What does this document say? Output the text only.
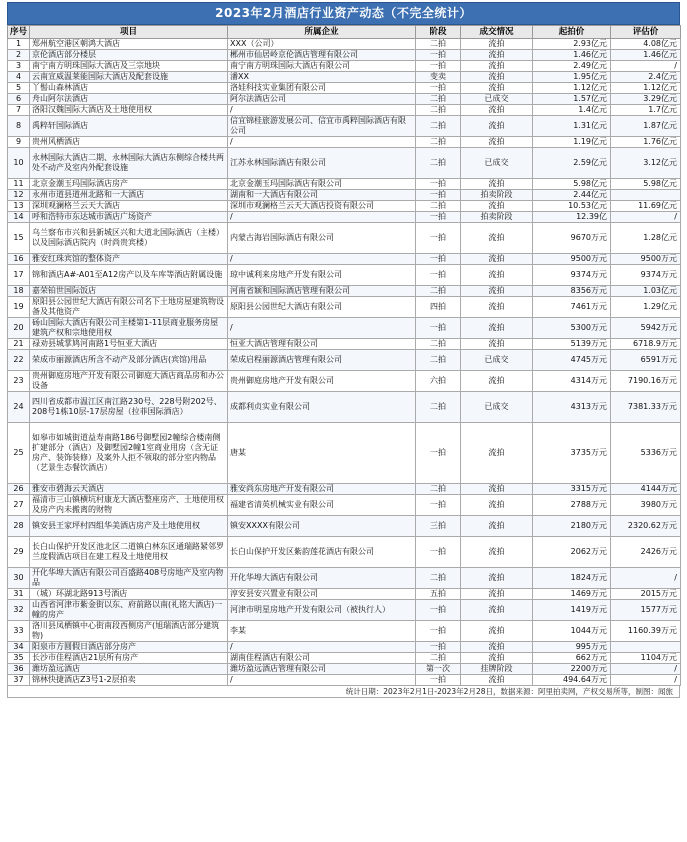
2023年2月酒店行业资产动态（不完全统计）
序号	项目	所属企业	阶段	成交情况	起拍价	评估价
1	郑州航空港区朝鸿大酒店	XXX（公司）	二拍	流拍	2.93亿元	4.08亿元
2	京伦酒店部分楼层	郴州市仙居岭京伦酒店管理有限公司	一拍	流拍	1.46亿元	1.46亿元
3	南宁南方明珠国际大酒店及三宗地块	南宁南方明珠国际大酒店有限公司	一拍	流拍	2.49亿元	/
4	云南宣威温莱能国际大酒店及配套设施	潘XX	变卖	流拍	1.95亿元	2.4亿元
5	丫髻山森林酒店	洛娃科技实业集团有限公司	一拍	流拍	1.12亿元	1.12亿元
6	舟山阿尔法酒店	阿尔法酒店公司	二拍	已成交	1.57亿元	3.29亿元
7	洛阳汉魏国际大酒店及土地使用权	/	二拍	流拍	1.4亿元	1.7亿元
8	禹粹轩国际酒店	信宜锦桂旅游发展公司、信宜市禹粹国际酒店有限公司	二拍	流拍	1.31亿元	1.87亿元
9	贵州风栖酒店	/	二拍	流拍	1.19亿元	1.76亿元
10	永林国际大酒店二期、永林国际大酒店东侧综合楼共两处不动产及室内外配套设施	江苏永林国际酒店有限公司	二拍	已成交	2.59亿元	3.12亿元
11	北京金潮玉玛国际酒店房产	北京金潮玉玛国际酒店有限公司	一拍	流拍	5.98亿元	5.98亿元
12	永州市道县道州北路和一大酒店	湖南和一大酒店有限公司	一拍	拍卖阶段	2.44亿元	
13	深圳观澜格兰云天大酒店	深圳市观澜格兰云天大酒店投资有限公司	二拍	流拍	10.53亿元	11.69亿元
14	呼和浩特市东达城市酒店广场资产	/	一拍	拍卖阶段	12.39亿	/
15	乌兰察布市兴和县新城区兴和大道北国际酒店（主楼）以及国际酒店院内（时尚贵宾楼）	内蒙古海岩国际酒店有限公司	一拍	流拍	9670万元	1.28亿元
16	雅安红珠宾馆的整体资产	/	一拍	流拍	9500万元	9500万元
17	锦和酒店A#-A01至A12房产以及车库等酒店附属设施	琼中诚利来房地产开发有限公司	一拍	流拍	9374万元	9374万元
18	嘉荣铂世国际饭店	河南省颖和国际酒店管理有限公司	二拍	流拍	8356万元	1.03亿元
19	原阳县公园世纪大酒店有限公司名下土地房屋建筑物设备及其他资产	原阳县公园世纪大酒店有限公司	四拍	流拍	7461万元	1.29亿元
20	砀山国际大酒店有限公司主楼第1-11层商业服务房屋建筑产权和宗地使用权	/	一拍	流拍	5300万元	5942万元
21	禄劝县城掌鸠河南路1号恒亚大酒店	恒亚大酒店管理有限公司	二拍	流拍	5139万元	6718.9万元
22	荣成市丽源酒店所含不动产及部分酒店(宾馆)用品	荣成启程丽源酒店管理有限公司	二拍	已成交	4745万元	6591万元
23	贵州御庭房地产开发有限公司御庭大酒店商品房和办公设备	贵州御庭房地产开发有限公司	六拍	流拍	4314万元	7190.16万元
24	四川省成都市温江区南江路230号、228号附202号、208号1栋10层-17层房屋（拉菲国际酒店）	成都利贞实业有限公司	二拍	已成交	4313万元	7381.33万元
25	如皋市如城街道益寿南路186号御墅园2幢综合楼南侧扩建部分（酒店）及御墅园2幢1室商业用房（含无证房产、装饰装修）及案外人拒不领取的部分室内物品（艺景生态餐饮酒店）	唐某	一拍	流拍	3735万元	5336万元
26	雅安市碧海云天酒店	雅安尚东房地产开发有限公司	二拍	流拍	3315万元	4144万元
27	福清市三山镇横坑村康龙大酒店整座房产、土地使用权及房产内未搬离的财物	福建省清英机械实业有限公司	一拍	流拍	2788万元	3980万元
28	镇安县王家坪村四组华美酒店房产及土地使用权	镇安XXXX有限公司	三拍	流拍	2180万元	2320.62万元
29	长白山保护开发区池北区二道镇白林东区通瑞路紧邻罗兰度假酒店项目在建工程及土地使用权	长白山保护开发区紫韵莲花酒店有限公司	一拍	流拍	2062万元	2426万元
30	开化华埠大酒店有限公司百盛路408号房地产及室内物品	开化华埠大酒店有限公司	二拍	流拍	1824万元	/
31	（城）环湖北路913号酒店	淳安县安兴置业有限公司	五拍	流拍	1469万元	2015万元
32	山西省河津市紫金街以东、府前路以南(礼铭大酒店)一幢的房产	河津市明星房地产开发有限公司（被执行人）	一拍	流拍	1419万元	1577万元
33	洛川县凤栖镇中心街南段西侧房产(旭瑞酒店部分建筑物)	李某	一拍	流拍	1044万元	1160.39万元
34	阳泉市方圆假日酒店部分房产	/	一拍	流拍	995万元	
35	长沙市佳程酒店21层所有房产	湖南佳程酒店有限公司	二拍	流拍	662万元	1104万元
36	潍坊盈远酒店	潍坊盈远酒店管理有限公司	第一次	挂牌阶段	2200万元	/
37	锦林快捷酒店Z3号1-2层拍卖	/	一拍	流拍	494.64万元	/
统计日期：2023年2月1日-2023年2月28日，数据来源：阿里拍卖网，产权交易所等，制图：闻旅
